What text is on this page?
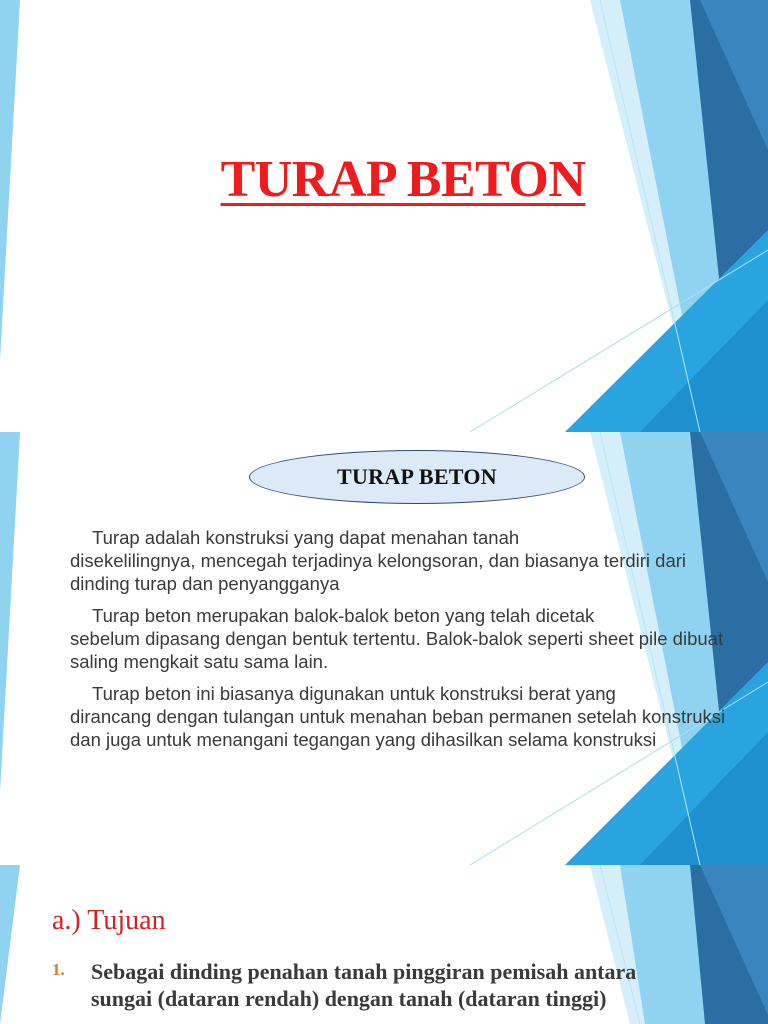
TURAP BETON
TURAP BETON
Turap adalah konstruksi yang dapat menahan tanah
disekelilingnya, mencegah terjadinya kelongsoran, dan biasanya terdiri dari dinding turap dan penyangganya
Turap beton merupakan balok-balok beton yang telah dicetak
sebelum dipasang dengan bentuk tertentu. Balok-balok seperti sheet pile dibuat saling mengkait satu sama lain.
Turap beton ini biasanya digunakan untuk konstruksi berat yang
dirancang dengan tulangan untuk menahan beban permanen setelah konstruksi dan juga untuk menangani tegangan yang dihasilkan selama konstruksi
a.) Tujuan
1. Sebagai dinding penahan tanah pinggiran pemisah antara sungai (dataran rendah) dengan tanah (dataran tinggi)
